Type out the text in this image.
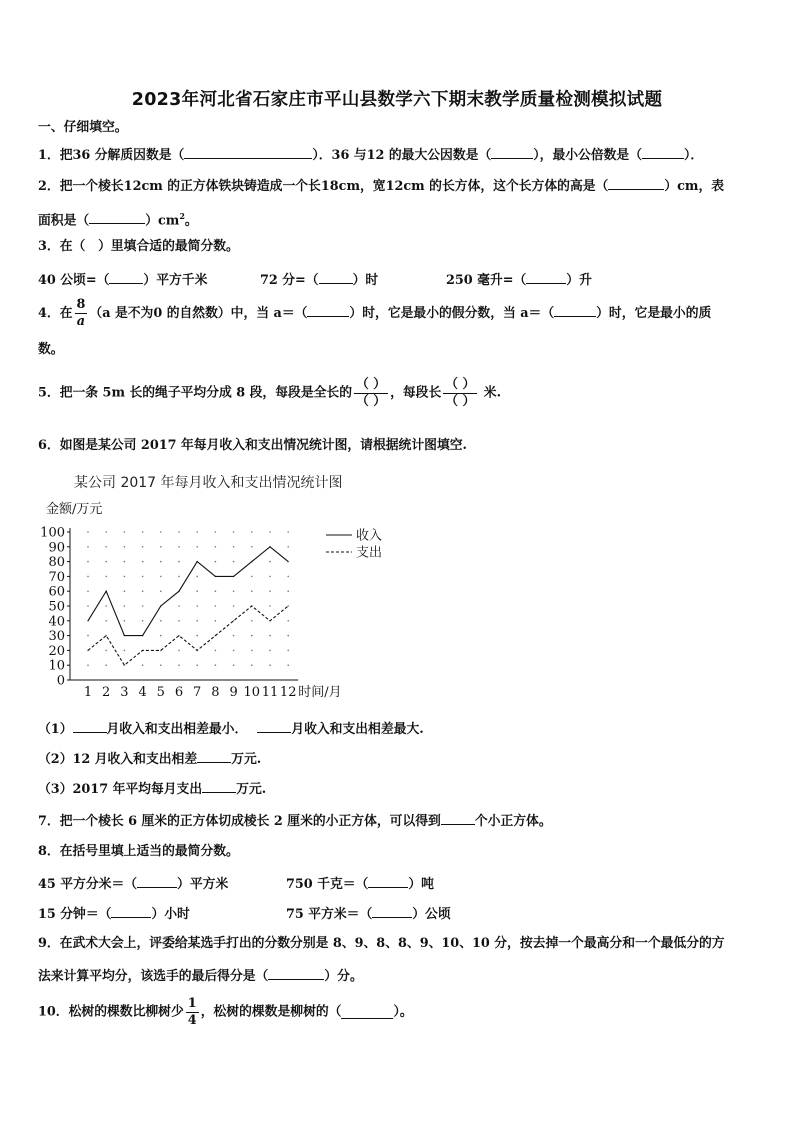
2023年河北省石家庄市平山县数学六下期末教学质量检测模拟试题
一、仔细填空。
1．把36 分解质因数是（	）．36 与12 的最大公因数是（	），最小公倍数是（	）．
2．把一个棱长12cm 的正方体铁块铸造成一个长18cm，宽12cm 的长方体，这个长方体的高是（	）cm，表
面积是（	）$cm^2$。
3．在（　）里填合适的最简分数。
40 公顷=（	）平方千米	72 分=（	）时	250 毫升=（	）升
4．在 $\frac{8}{a} (a$ 是不为0 的自然数）中，当 a＝（	）时，它是最小的假分数，当 a＝（	）时，它是最小的质
数。
5．把一条 5m 长的绳子平均分成 8 段，每段是全长的 $\frac{( )}{( )}$ ，每段长 $\frac{( )}{( )}$ 米.
6．如图是某公司 2017 年每月收入和支出情况统计图，请根据统计图填空.
某公司 2017 年每月收入和支出情况统计图
金额/万元
0
10
20
30
40
50
60
70
80
90
100
1 2 3 4 5 6 7 8 9 10 11 12 时间/月
收入
支出
（1）	月收入和支出相差最小．	月收入和支出相差最大.
（2）12 月收入和支出相差	万元.
（3）2017 年平均每月支出	万元.
7．把一个棱长 6 厘米的正方体切成棱长 2 厘米的小正方体，可以得到	个小正方体。
8．在括号里填上适当的最简分数。
45 平方分米＝（	）平方米	750 千克＝（	）吨
15 分钟＝（	）小时	75 平方米＝（	）公顷
9．在武术大会上，评委给某选手打出的分数分别是 8、9、8、8、9、10、10 分，按去掉一个最高分和一个最低分的方
法来计算平均分，该选手的最后得分是（	）分。
10．松树的棵数比柳树少 $\frac{1}{4}$ ，松树的棵数是柳树的（	）。
